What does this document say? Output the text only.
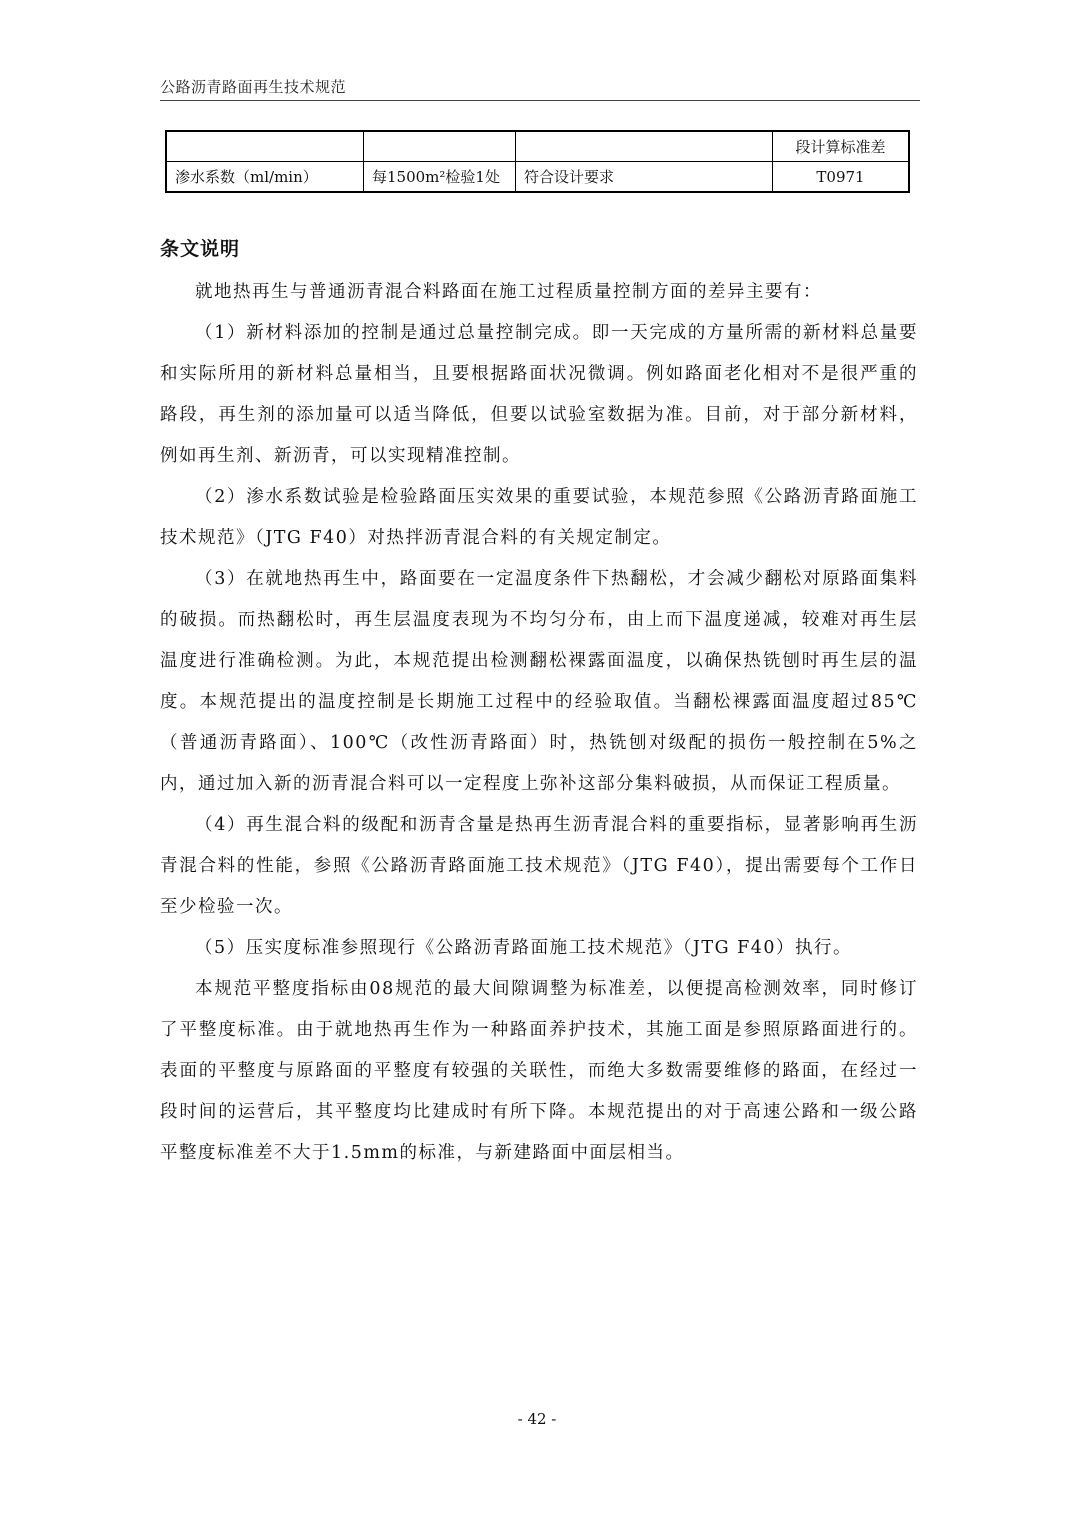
公路沥青路面再生技术规范
			段计算标准差
渗水系数（ml/min）	每1500m²检验1处	符合设计要求	T0971
条文说明

就地热再生与普通沥青混合料路面在施工过程质量控制方面的差异主要有：

（1）新材料添加的控制是通过总量控制完成。即一天完成的方量所需的新材料总量要和实际所用的新材料总量相当，且要根据路面状况微调。例如路面老化相对不是很严重的路段，再生剂的添加量可以适当降低，但要以试验室数据为准。目前，对于部分新材料，例如再生剂、新沥青，可以实现精准控制。

（2）渗水系数试验是检验路面压实效果的重要试验，本规范参照《公路沥青路面施工技术规范》（JTG F40）对热拌沥青混合料的有关规定制定。

（3）在就地热再生中，路面要在一定温度条件下热翻松，才会减少翻松对原路面集料的破损。而热翻松时，再生层温度表现为不均匀分布，由上而下温度递减，较难对再生层温度进行准确检测。为此，本规范提出检测翻松裸露面温度，以确保热铣刨时再生层的温度。本规范提出的温度控制是长期施工过程中的经验取值。当翻松裸露面温度超过85℃（普通沥青路面）、100℃（改性沥青路面）时，热铣刨对级配的损伤一般控制在5%之内，通过加入新的沥青混合料可以一定程度上弥补这部分集料破损，从而保证工程质量。

（4）再生混合料的级配和沥青含量是热再生沥青混合料的重要指标，显著影响再生沥青混合料的性能，参照《公路沥青路面施工技术规范》（JTG F40），提出需要每个工作日至少检验一次。

（5）压实度标准参照现行《公路沥青路面施工技术规范》（JTG F40）执行。

本规范平整度指标由08规范的最大间隙调整为标准差，以便提高检测效率，同时修订了平整度标准。由于就地热再生作为一种路面养护技术，其施工面是参照原路面进行的。表面的平整度与原路面的平整度有较强的关联性，而绝大多数需要维修的路面，在经过一段时间的运营后，其平整度均比建成时有所下降。本规范提出的对于高速公路和一级公路平整度标准差不大于1.5mm的标准，与新建路面中面层相当。

- 42 -
